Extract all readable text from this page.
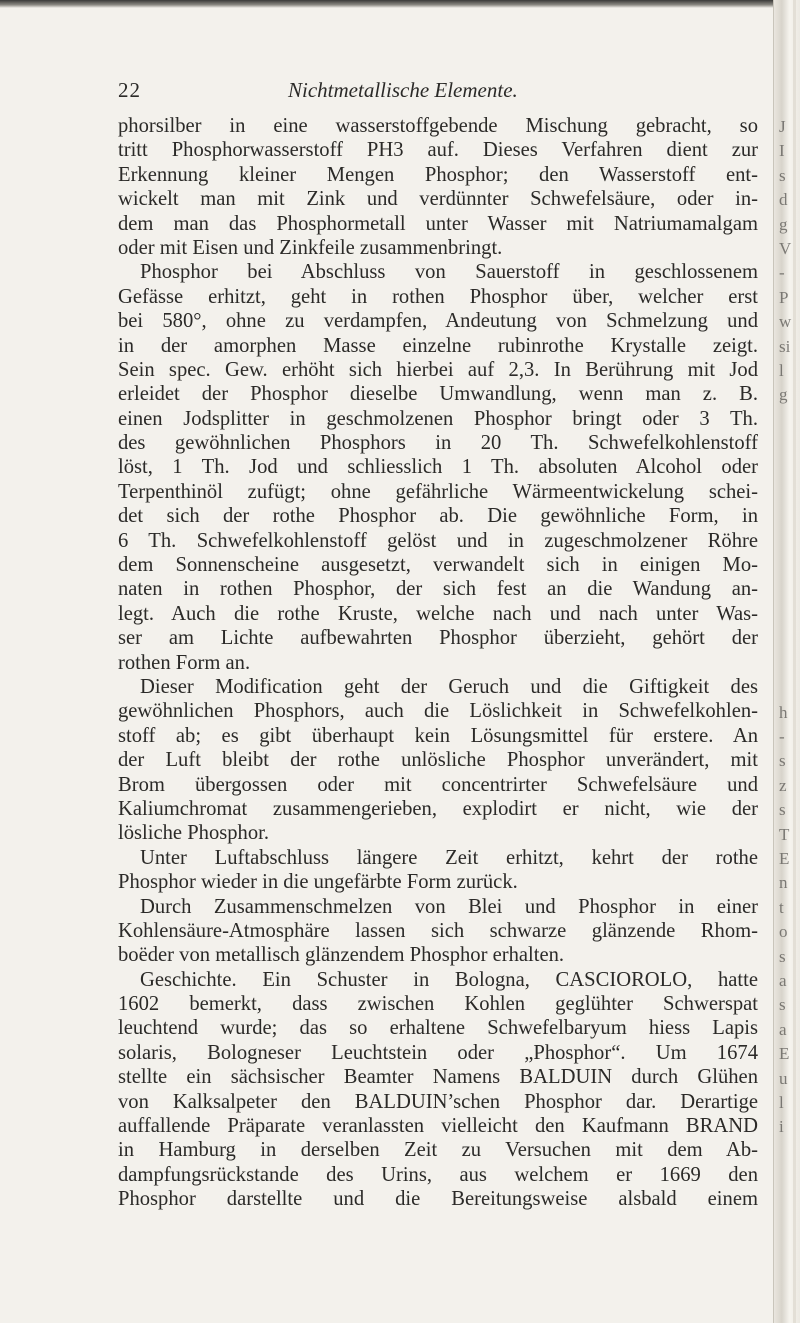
22	Nichtmetallische Elemente.
phorsilber in eine wasserstoffgebende Mischung gebracht, so
tritt Phosphorwasserstoff PH3 auf. Dieses Verfahren dient zur
Erkennung kleiner Mengen Phosphor; den Wasserstoff ent-
wickelt man mit Zink und verdünnter Schwefelsäure, oder in-
dem man das Phosphormetall unter Wasser mit Natriumamalgam
oder mit Eisen und Zinkfeile zusammenbringt.
Phosphor bei Abschluss von Sauerstoff in geschlossenem
Gefässe erhitzt, geht in rothen Phosphor über, welcher erst
bei 580°, ohne zu verdampfen, Andeutung von Schmelzung und
in der amorphen Masse einzelne rubinrothe Krystalle zeigt.
Sein spec. Gew. erhöht sich hierbei auf 2,3. In Berührung mit Jod
erleidet der Phosphor dieselbe Umwandlung, wenn man z. B.
einen Jodsplitter in geschmolzenen Phosphor bringt oder 3 Th.
des gewöhnlichen Phosphors in 20 Th. Schwefelkohlenstoff
löst, 1 Th. Jod und schliesslich 1 Th. absoluten Alcohol oder
Terpenthinöl zufügt; ohne gefährliche Wärmeentwickelung schei-
det sich der rothe Phosphor ab. Die gewöhnliche Form, in
6 Th. Schwefelkohlenstoff gelöst und in zugeschmolzener Röhre
dem Sonnenscheine ausgesetzt, verwandelt sich in einigen Mo-
naten in rothen Phosphor, der sich fest an die Wandung an-
legt. Auch die rothe Kruste, welche nach und nach unter Was-
ser am Lichte aufbewahrten Phosphor überzieht, gehört der
rothen Form an.
Dieser Modification geht der Geruch und die Giftigkeit des
gewöhnlichen Phosphors, auch die Löslichkeit in Schwefelkohlen-
stoff ab; es gibt überhaupt kein Lösungsmittel für erstere. An
der Luft bleibt der rothe unlösliche Phosphor unverändert, mit
Brom übergossen oder mit concentrirter Schwefelsäure und
Kaliumchromat zusammengerieben, explodirt er nicht, wie der
lösliche Phosphor.
Unter Luftabschluss längere Zeit erhitzt, kehrt der rothe
Phosphor wieder in die ungefärbte Form zurück.
Durch Zusammenschmelzen von Blei und Phosphor in einer
Kohlensäure-Atmosphäre lassen sich schwarze glänzende Rhom-
boëder von metallisch glänzendem Phosphor erhalten.
Geschichte. Ein Schuster in Bologna, CASCIOROLO, hatte
1602 bemerkt, dass zwischen Kohlen geglühter Schwerspat
leuchtend wurde; das so erhaltene Schwefelbaryum hiess Lapis
solaris, Bologneser Leuchtstein oder „Phosphor“. Um 1674
stellte ein sächsischer Beamter Namens BALDUIN durch Glühen
von Kalksalpeter den BALDUIN’schen Phosphor dar. Derartige
auffallende Präparate veranlassten vielleicht den Kaufmann BRAND
in Hamburg in derselben Zeit zu Versuchen mit dem Ab-
dampfungsrückstande des Urins, aus welchem er 1669 den
Phosphor darstellte und die Bereitungsweise alsbald einem
J
I
s
d
g
V
-
P
w
si
l
g
h
-
s
z
s
T
E
n
t
o
s
a
s
a
E
u
l
i
